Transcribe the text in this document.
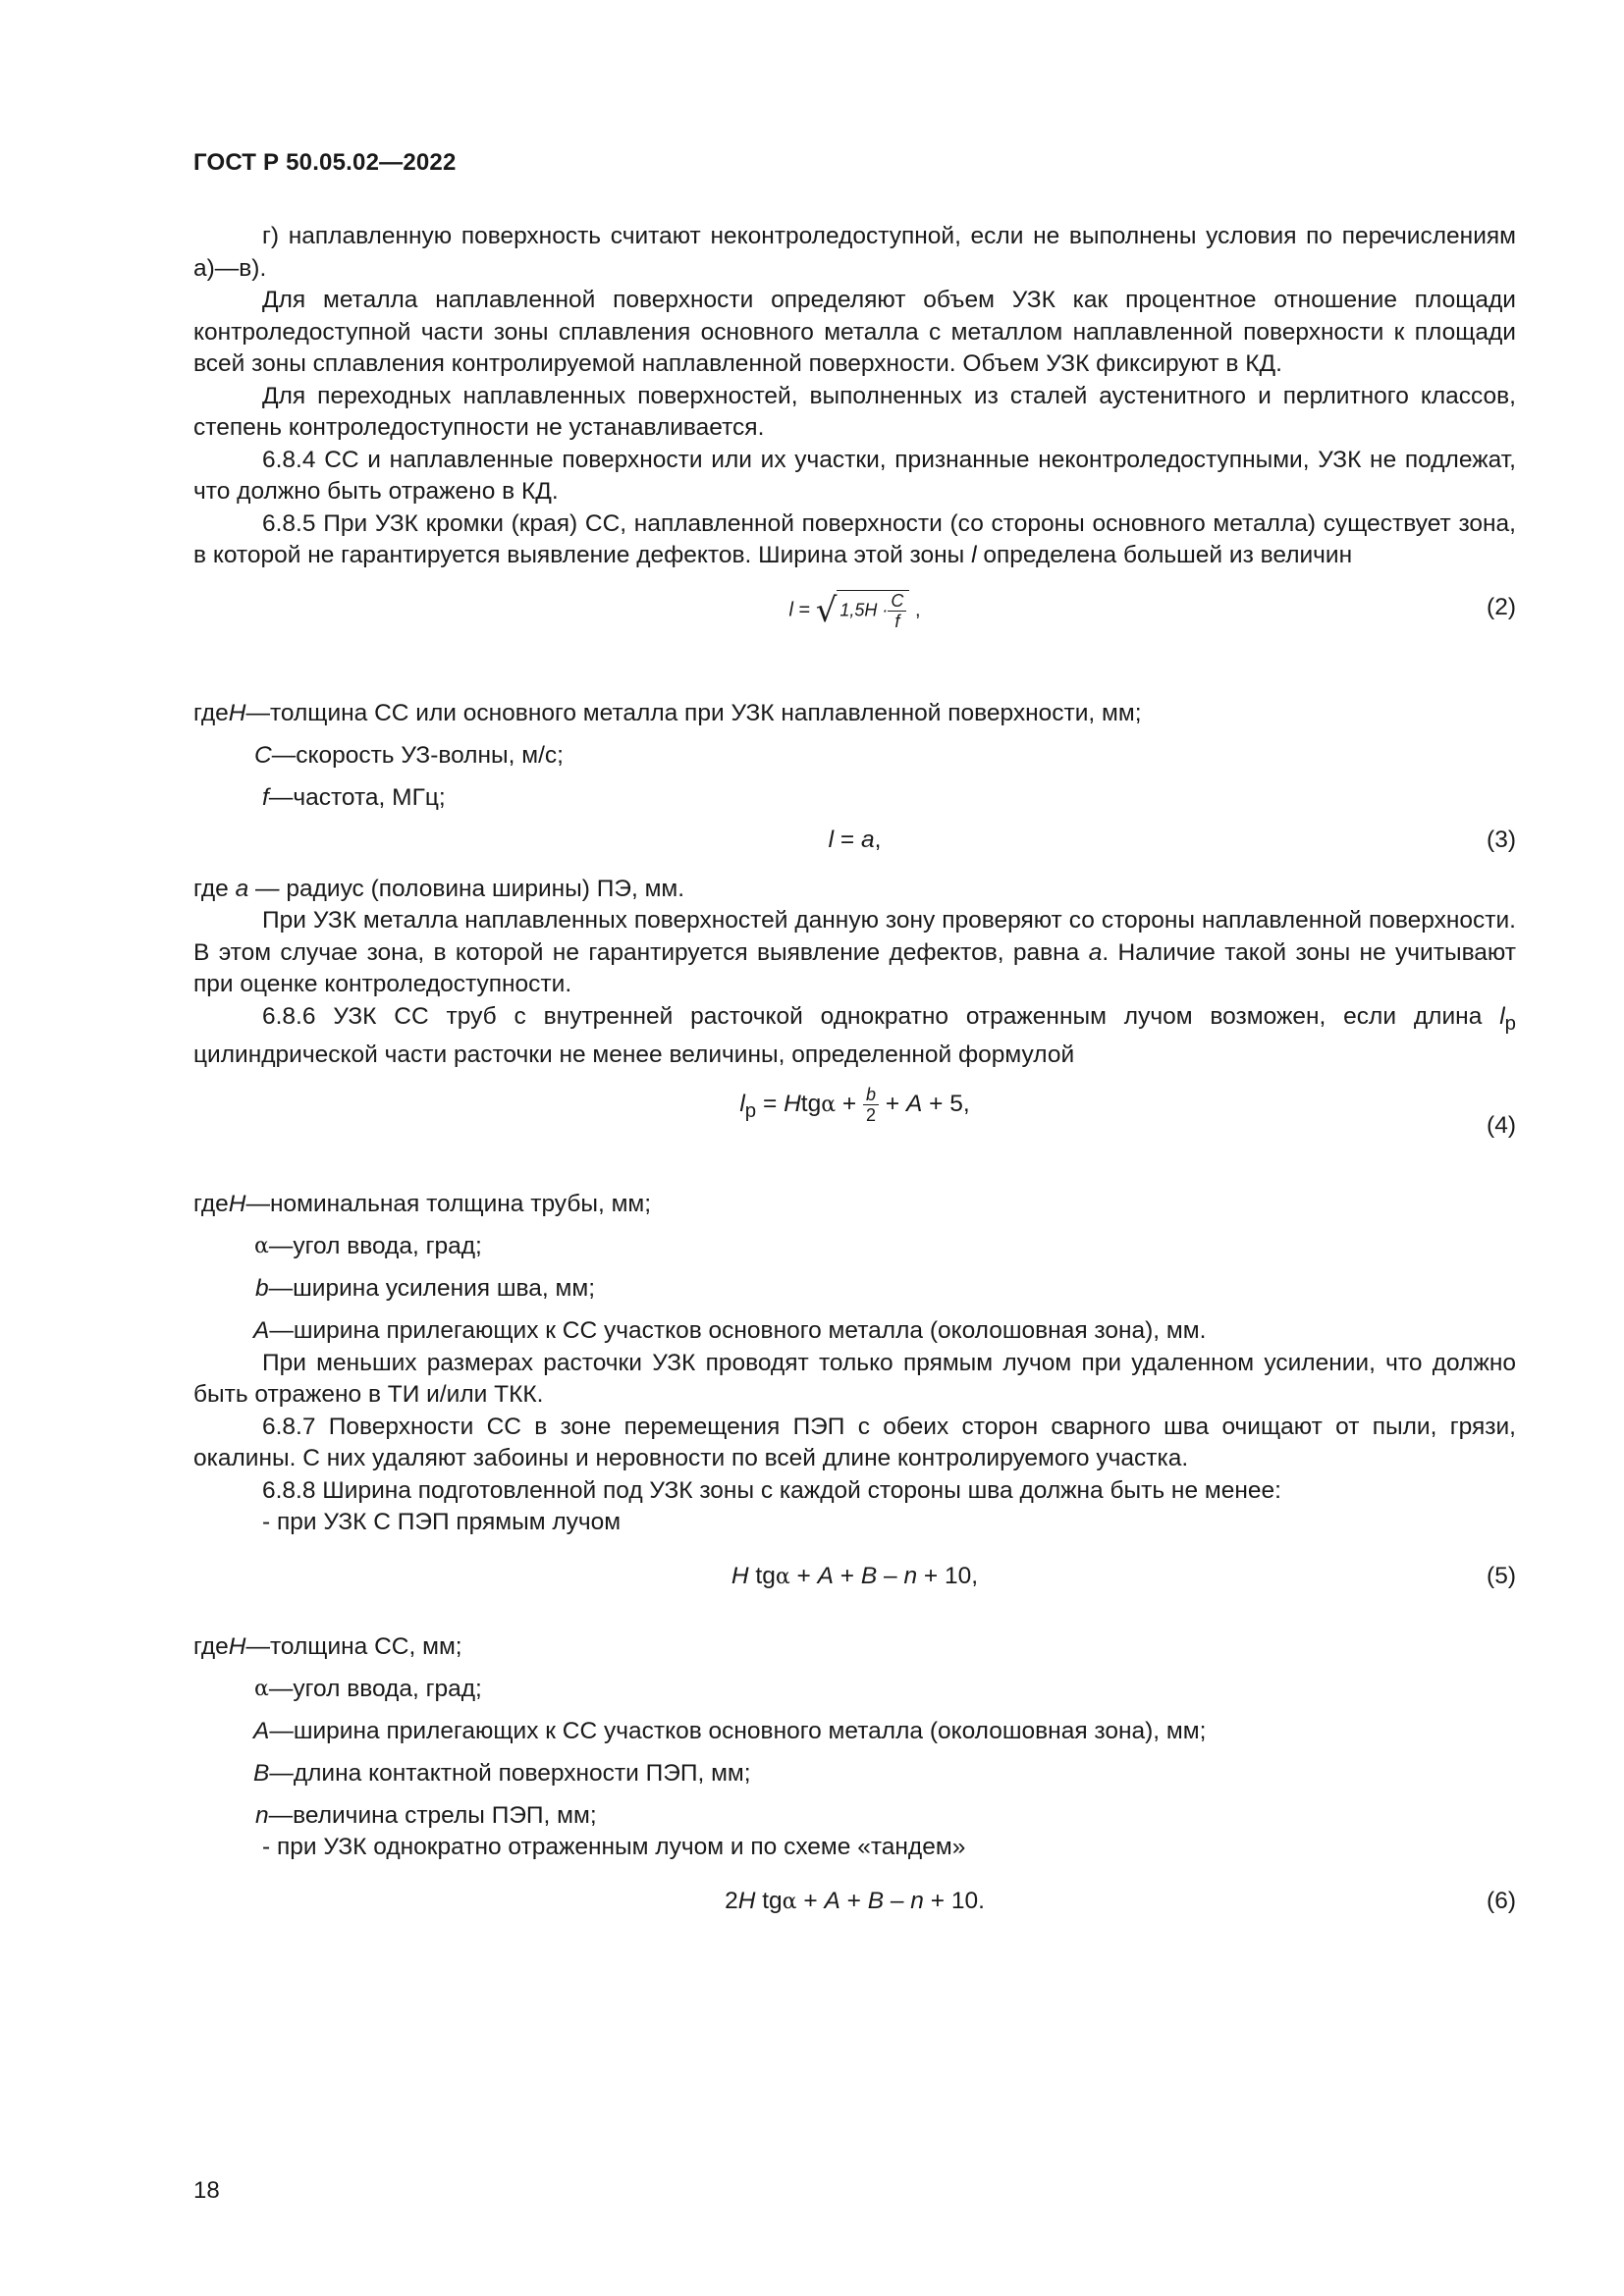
ГОСТ Р 50.05.02—2022

г) наплавленную поверхность считают неконтроледоступной, если не выполнены условия по перечислениям а)—в).

Для металла наплавленной поверхности определяют объем УЗК как процентное отношение площади контроледоступной части зоны сплавления основного металла с металлом наплавленной поверхности к площади всей зоны сплавления контролируемой наплавленной поверхности. Объем УЗК фиксируют в КД.

Для переходных наплавленных поверхностей, выполненных из сталей аустенитного и перлитного классов, степень контроледоступности не устанавливается.

6.8.4 СС и наплавленные поверхности или их участки, признанные неконтроледоступными, УЗК не подлежат, что должно быть отражено в КД.

6.8.5 При УЗК кромки (края) СС, наплавленной поверхности (со стороны основного металла) существует зона, в которой не гарантируется выявление дефектов. Ширина этой зоны l определена большей из величин

l = √ $1,5H \cdot \frac{C}{f}$ ,	(2)
где H — толщина СС или основного металла при УЗК наплавленной поверхности, мм;
C — скорость УЗ-волны, м/с;
f — частота, МГц;
l = a,	(3)

где a — радиус (половина ширины) ПЭ, мм.

При УЗК металла наплавленных поверхностей данную зону проверяют со стороны наплавленной поверхности. В этом случае зона, в которой не гарантируется выявление дефектов, равна a. Наличие такой зоны не учитывают при оценке контроледоступности.

6.8.6 УЗК СС труб с внутренней расточкой однократно отраженным лучом возможен, если длина $l_р$ цилиндрической части расточки не менее величины, определенной формулой

$l_р = Htg\alpha + \frac{b}{2} + A + 5$,
(4)
где H — номинальная толщина трубы, мм;
α — угол ввода, град;
b — ширина усиления шва, мм;
A — ширина прилегающих к СС участков основного металла (околошовная зона), мм.

При меньших размерах расточки УЗК проводят только прямым лучом при удаленном усилении, что должно быть отражено в ТИ и/или ТКК.

6.8.7 Поверхности СС в зоне перемещения ПЭП с обеих сторон сварного шва очищают от пыли, грязи, окалины. С них удаляют забоины и неровности по всей длине контролируемого участка.

6.8.8 Ширина подготовленной под УЗК зоны с каждой стороны шва должна быть не менее:

- при УЗК С ПЭП прямым лучом

H tgα + A + B – n + 10,	(5)
где H — толщина СС, мм;
α — угол ввода, град;
A — ширина прилегающих к СС участков основного металла (околошовная зона), мм;
B — длина контактной поверхности ПЭП, мм;
n — величина стрелы ПЭП, мм;

- при УЗК однократно отраженным лучом и по схеме «тандем»

2H tgα + A + B – n + 10.	(6)
18
